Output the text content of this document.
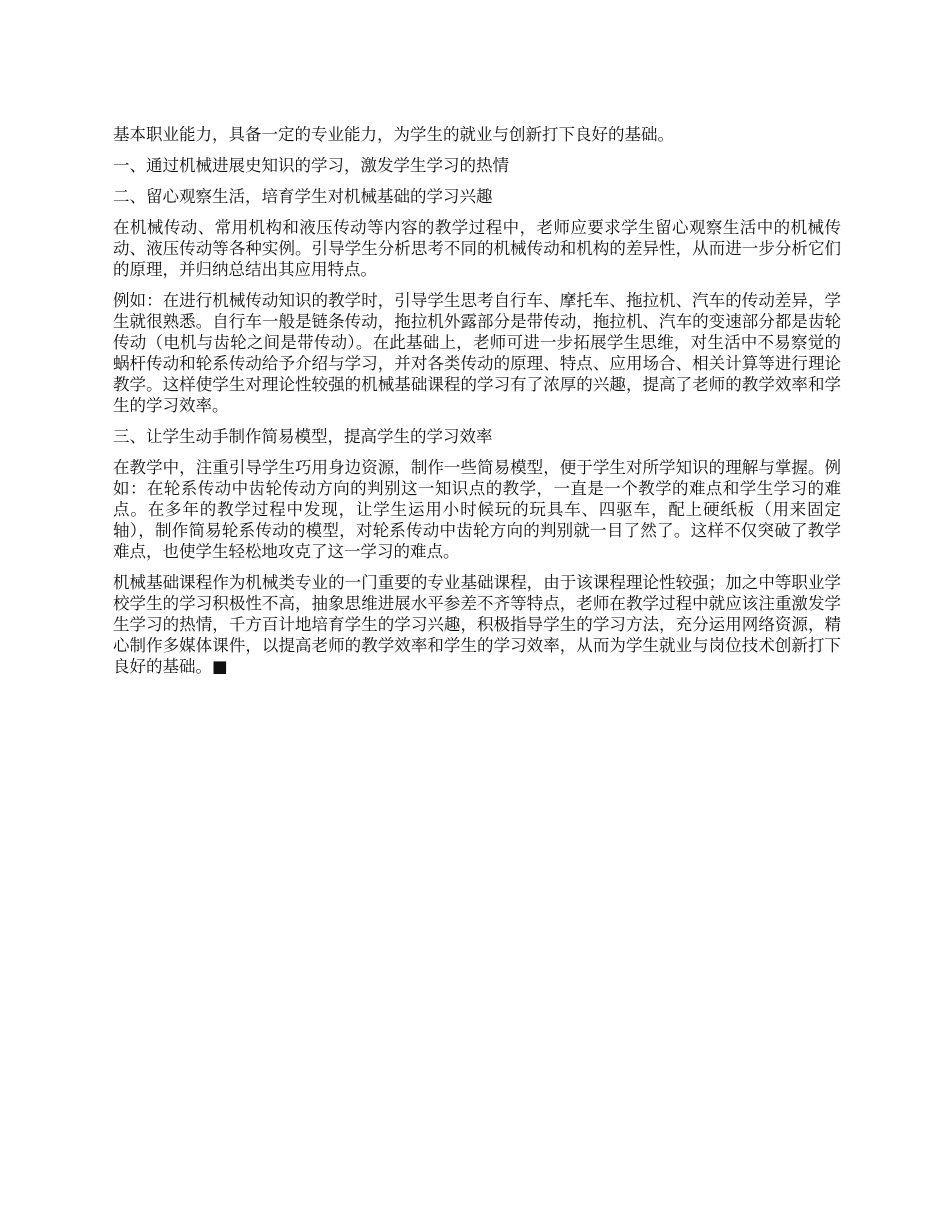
基本职业能力，具备一定的专业能力，为学生的就业与创新打下良好的基础。

一、通过机械进展史知识的学习，激发学生学习的热情

二、留心观察生活，培育学生对机械基础的学习兴趣

在机械传动、常用机构和液压传动等内容的教学过程中，老师应要求学生留心观察生活中的机械传动、液压传动等各种实例。引导学生分析思考不同的机械传动和机构的差异性，从而进一步分析它们的原理，并归纳总结出其应用特点。

例如：在进行机械传动知识的教学时，引导学生思考自行车、摩托车、拖拉机、汽车的传动差异，学生就很熟悉。自行车一般是链条传动，拖拉机外露部分是带传动，拖拉机、汽车的变速部分都是齿轮传动（电机与齿轮之间是带传动）。在此基础上，老师可进一步拓展学生思维，对生活中不易察觉的蜗杆传动和轮系传动给予介绍与学习，并对各类传动的原理、特点、应用场合、相关计算等进行理论教学。这样使学生对理论性较强的机械基础课程的学习有了浓厚的兴趣，提高了老师的教学效率和学生的学习效率。

三、让学生动手制作简易模型，提高学生的学习效率

在教学中，注重引导学生巧用身边资源，制作一些简易模型，便于学生对所学知识的理解与掌握。例如：在轮系传动中齿轮传动方向的判别这一知识点的教学，一直是一个教学的难点和学生学习的难点。在多年的教学过程中发现，让学生运用小时候玩的玩具车、四驱车，配上硬纸板（用来固定轴），制作简易轮系传动的模型，对轮系传动中齿轮方向的判别就一目了然了。这样不仅突破了教学难点，也使学生轻松地攻克了这一学习的难点。

机械基础课程作为机械类专业的一门重要的专业基础课程，由于该课程理论性较强；加之中等职业学校学生的学习积极性不高，抽象思维进展水平参差不齐等特点，老师在教学过程中就应该注重激发学生学习的热情，千方百计地培育学生的学习兴趣，积极指导学生的学习方法，充分运用网络资源，精心制作多媒体课件，以提高老师的教学效率和学生的学习效率，从而为学生就业与岗位技术创新打下良好的基础。■
